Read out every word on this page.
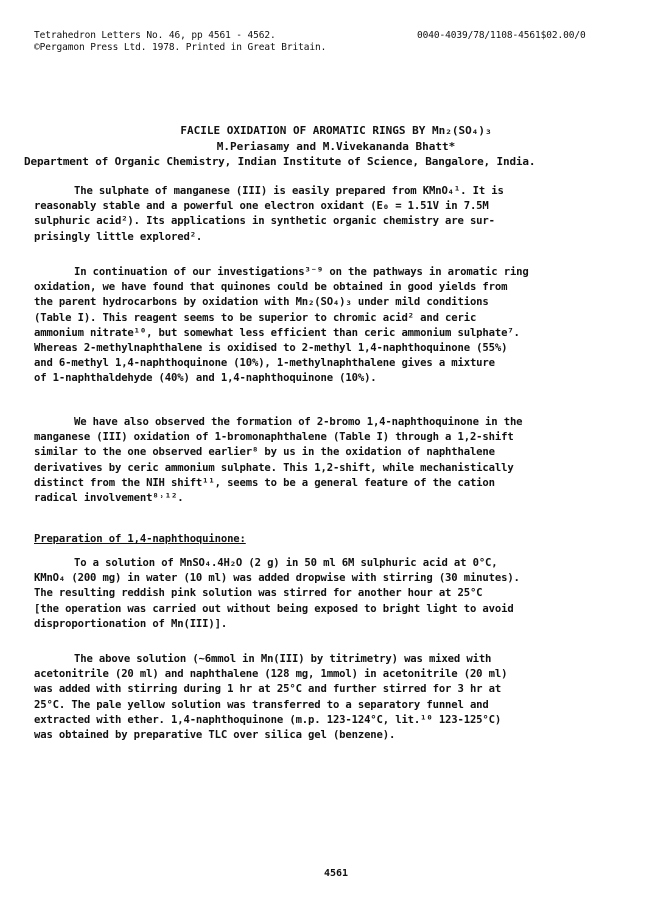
Tetrahedron Letters No. 46, pp 4561 - 4562.
©Pergamon Press Ltd. 1978. Printed in Great Britain.
0040-4039/78/1108-4561$02.00/0
FACILE OXIDATION OF AROMATIC RINGS BY Mn₂(SO₄)₃
M.Periasamy and M.Vivekananda Bhatt*
Department of Organic Chemistry, Indian Institute of Science, Bangalore, India.
The sulphate of manganese (III) is easily prepared from KMnO₄¹. It is
reasonably stable and a powerful one electron oxidant (E₀ = 1.51V in 7.5M
sulphuric acid²). Its applications in synthetic organic chemistry are sur-
prisingly little explored².
In continuation of our investigations³⁻⁹ on the pathways in aromatic ring
oxidation, we have found that quinones could be obtained in good yields from
the parent hydrocarbons by oxidation with Mn₂(SO₄)₃ under mild conditions
(Table I). This reagent seems to be superior to chromic acid² and ceric
ammonium nitrate¹⁰, but somewhat less efficient than ceric ammonium sulphate⁷.
Whereas 2-methylnaphthalene is oxidised to 2-methyl 1,4-naphthoquinone (55%)
and 6-methyl 1,4-naphthoquinone (10%), 1-methylnaphthalene gives a mixture
of 1-naphthaldehyde (40%) and 1,4-naphthoquinone (10%).
We have also observed the formation of 2-bromo 1,4-naphthoquinone in the
manganese (III) oxidation of 1-bromonaphthalene (Table I) through a 1,2-shift
similar to the one observed earlier⁸ by us in the oxidation of naphthalene
derivatives by ceric ammonium sulphate. This 1,2-shift, while mechanistically
distinct from the NIH shift¹¹, seems to be a general feature of the cation
radical involvement⁸˒¹².
Preparation of 1,4-naphthoquinone:
To a solution of MnSO₄.4H₂O (2 g) in 50 ml 6M sulphuric acid at 0°C,
KMnO₄ (200 mg) in water (10 ml) was added dropwise with stirring (30 minutes).
The resulting reddish pink solution was stirred for another hour at 25°C
[the operation was carried out without being exposed to bright light to avoid
disproportionation of Mn(III)].
The above solution (~6mmol in Mn(III) by titrimetry) was mixed with
acetonitrile (20 ml) and naphthalene (128 mg, 1mmol) in acetonitrile (20 ml)
was added with stirring during 1 hr at 25°C and further stirred for 3 hr at
25°C. The pale yellow solution was transferred to a separatory funnel and
extracted with ether. 1,4-naphthoquinone (m.p. 123-124°C, lit.¹⁰ 123-125°C)
was obtained by preparative TLC over silica gel (benzene).
4561
